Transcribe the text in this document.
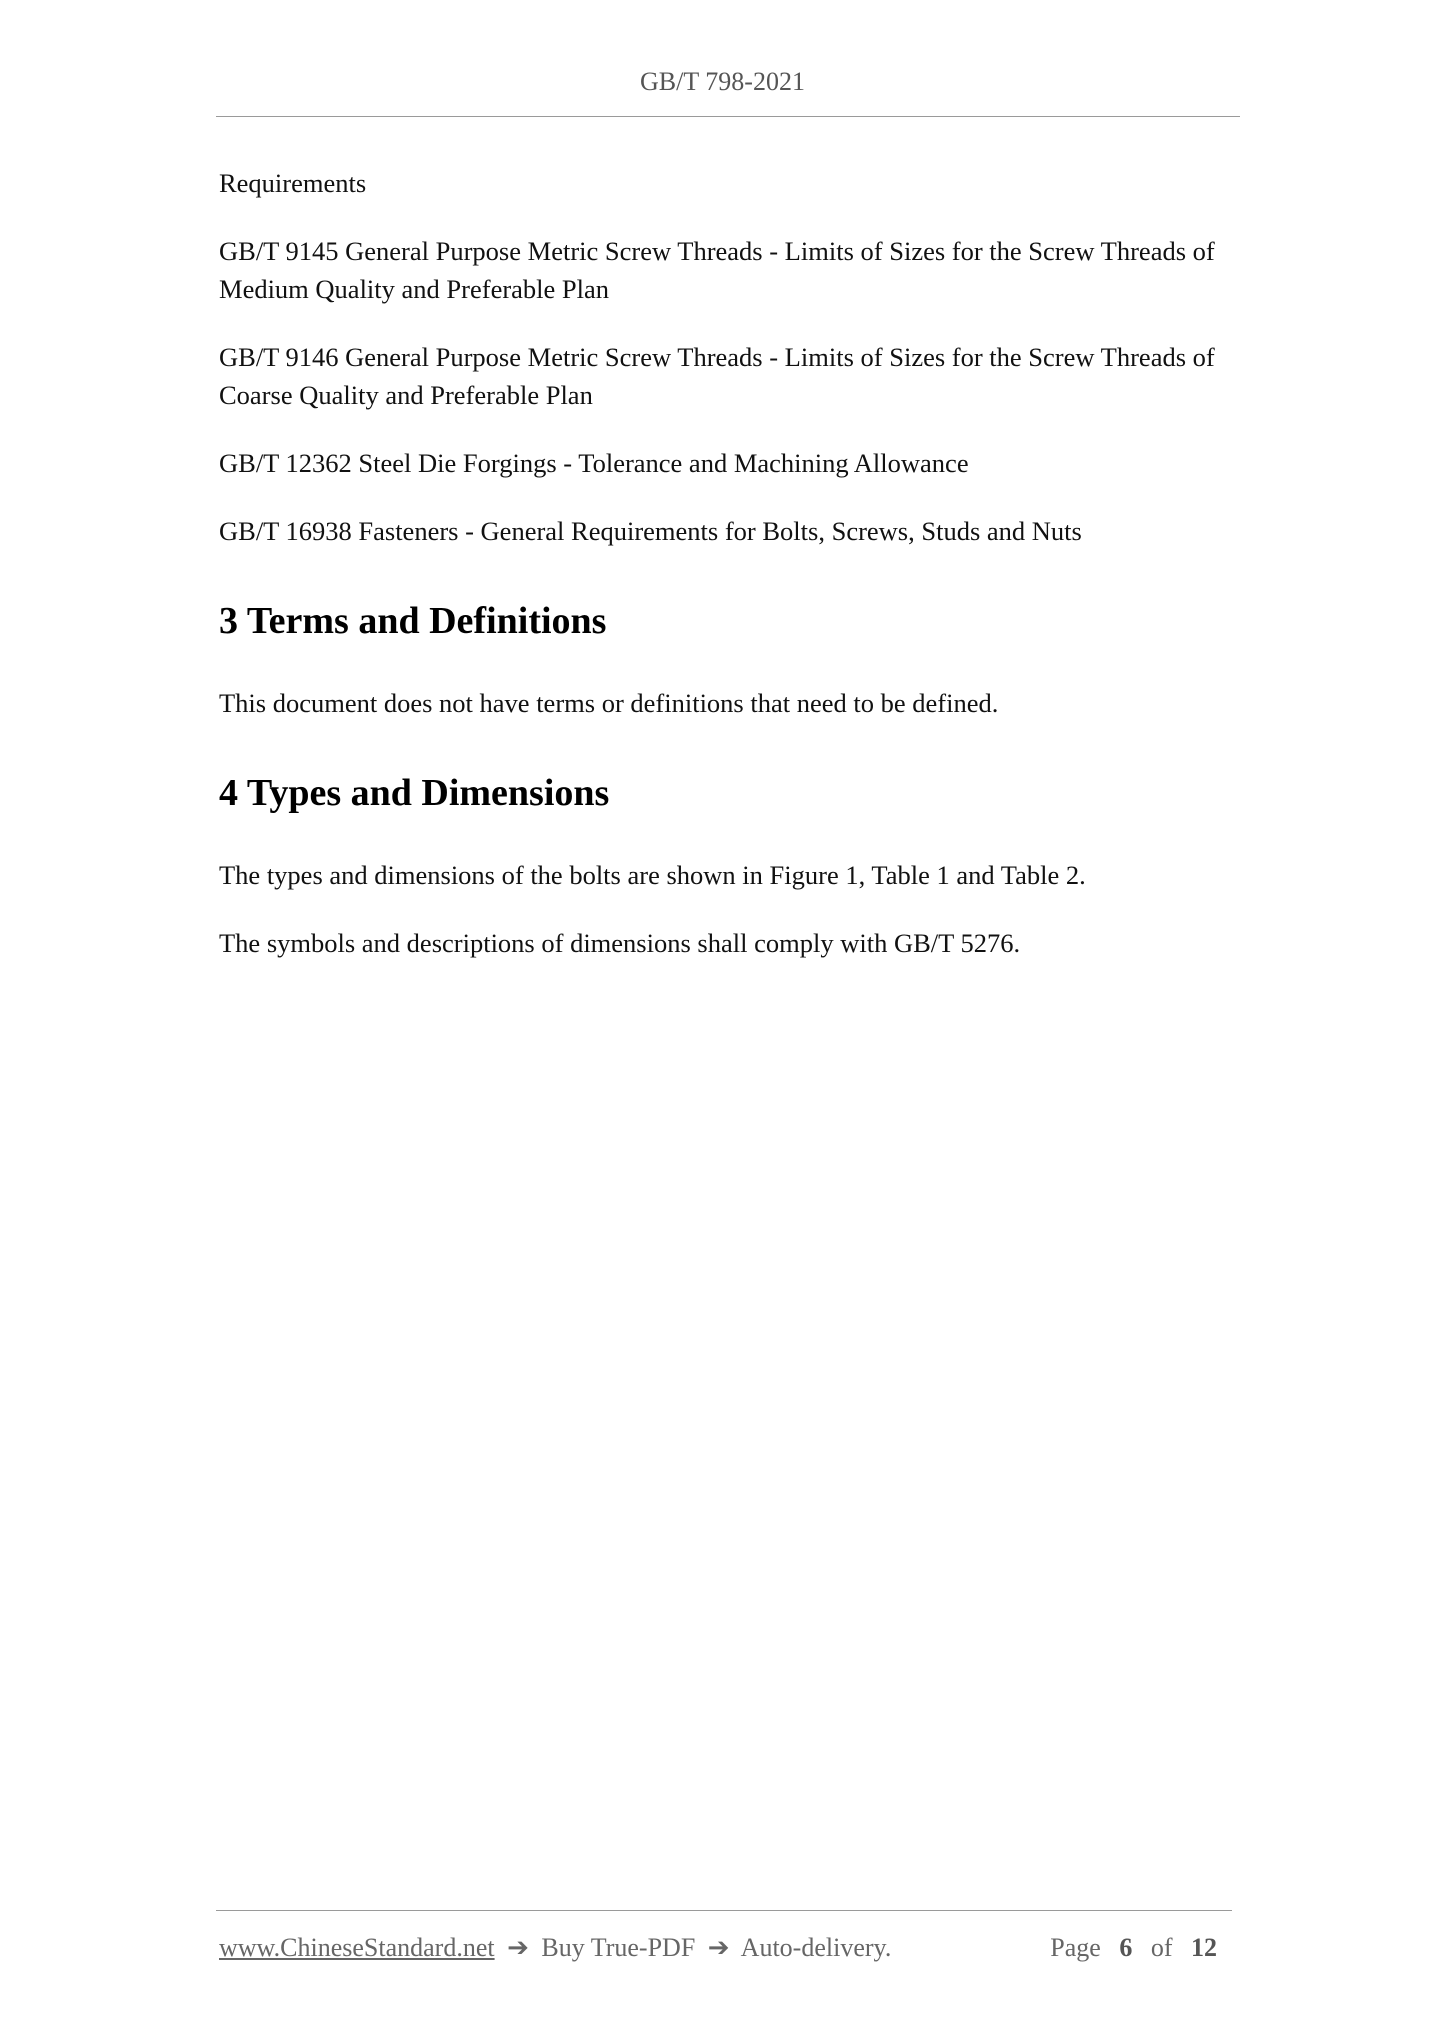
GB/T 798-2021

Requirements

GB/T 9145 General Purpose Metric Screw Threads - Limits of Sizes for the Screw Threads of Medium Quality and Preferable Plan

GB/T 9146 General Purpose Metric Screw Threads - Limits of Sizes for the Screw Threads of Coarse Quality and Preferable Plan

GB/T 12362 Steel Die Forgings - Tolerance and Machining Allowance

GB/T 16938 Fasteners - General Requirements for Bolts, Screws, Studs and Nuts

3 Terms and Definitions

This document does not have terms or definitions that need to be defined.

4 Types and Dimensions

The types and dimensions of the bolts are shown in Figure 1, Table 1 and Table 2.

The symbols and descriptions of dimensions shall comply with GB/T 5276.

www.ChineseStandard.net ➔ Buy True-PDF ➔ Auto-delivery.	Page 6 of 12
